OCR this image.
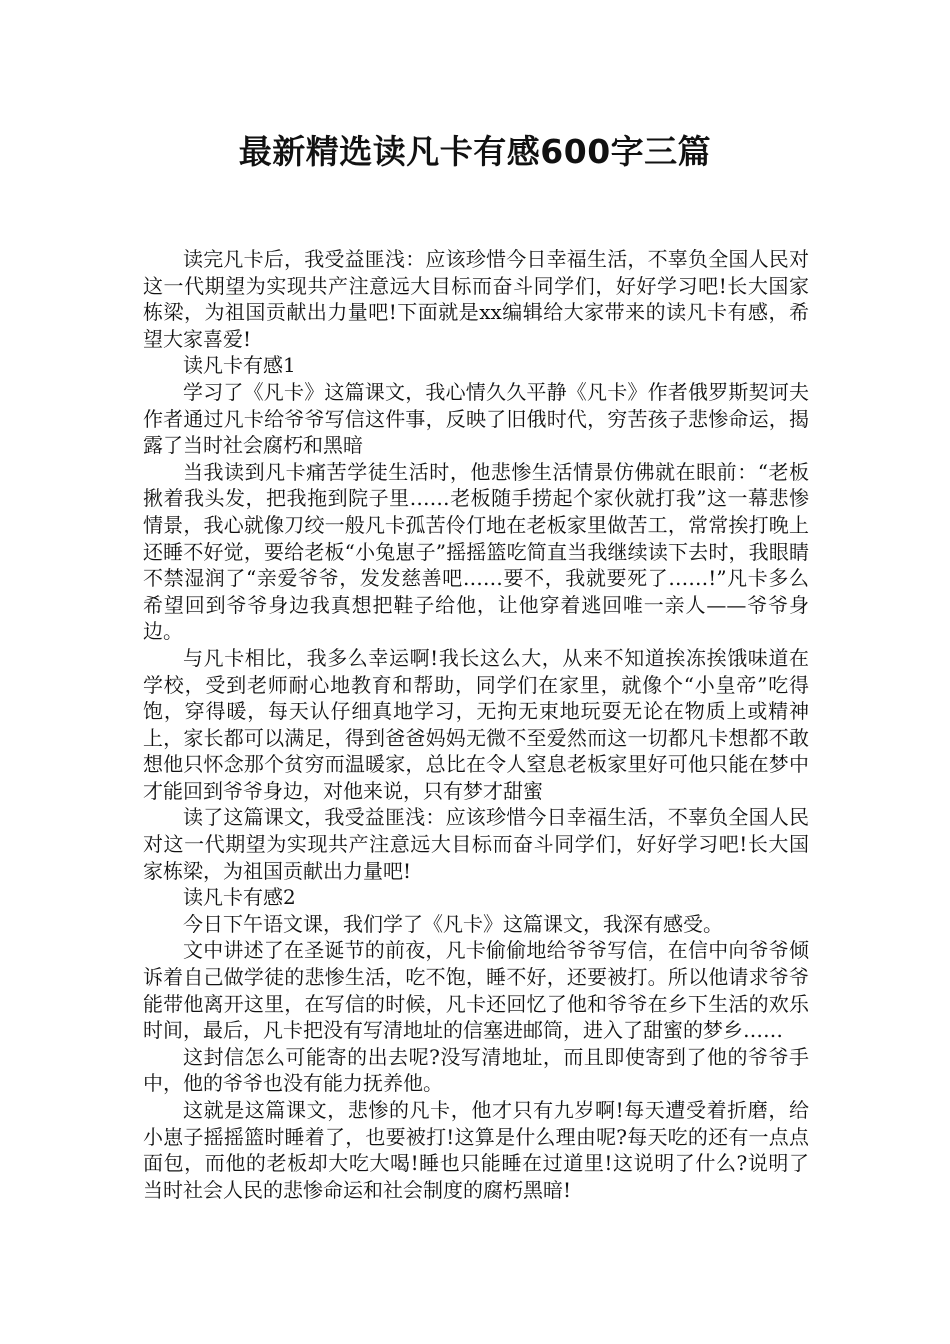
最新精选读凡卡有感600字三篇

读完凡卡后，我受益匪浅：应该珍惜今日幸福生活，不辜负全国人民对这一代期望为实现共产注意远大目标而奋斗同学们，好好学习吧!长大国家栋梁，为祖国贡献出力量吧!下面就是xx编辑给大家带来的读凡卡有感，希望大家喜爱!

读凡卡有感1

学习了《凡卡》这篇课文，我心情久久平静《凡卡》作者俄罗斯契诃夫作者通过凡卡给爷爷写信这件事，反映了旧俄时代，穷苦孩子悲惨命运，揭露了当时社会腐朽和黑暗

当我读到凡卡痛苦学徒生活时，他悲惨生活情景仿佛就在眼前：“老板揪着我头发，把我拖到院子里……老板随手捞起个家伙就打我”这一幕悲惨情景，我心就像刀绞一般凡卡孤苦伶仃地在老板家里做苦工，常常挨打晚上还睡不好觉，要给老板“小兔崽子”摇摇篮吃简直当我继续读下去时，我眼睛不禁湿润了“亲爱爷爷，发发慈善吧……要不，我就要死了……!”凡卡多么希望回到爷爷身边我真想把鞋子给他，让他穿着逃回唯一亲人——爷爷身边。

与凡卡相比，我多么幸运啊!我长这么大，从来不知道挨冻挨饿味道在学校，受到老师耐心地教育和帮助，同学们在家里，就像个“小皇帝”吃得饱，穿得暖，每天认仔细真地学习，无拘无束地玩耍无论在物质上或精神上，家长都可以满足，得到爸爸妈妈无微不至爱然而这一切都凡卡想都不敢想他只怀念那个贫穷而温暖家，总比在令人窒息老板家里好可他只能在梦中才能回到爷爷身边，对他来说，只有梦才甜蜜

读了这篇课文，我受益匪浅：应该珍惜今日幸福生活，不辜负全国人民对这一代期望为实现共产注意远大目标而奋斗同学们，好好学习吧!长大国家栋梁，为祖国贡献出力量吧!

读凡卡有感2

今日下午语文课，我们学了《凡卡》这篇课文，我深有感受。

文中讲述了在圣诞节的前夜，凡卡偷偷地给爷爷写信，在信中向爷爷倾诉着自己做学徒的悲惨生活，吃不饱，睡不好，还要被打。所以他请求爷爷能带他离开这里，在写信的时候，凡卡还回忆了他和爷爷在乡下生活的欢乐时间，最后，凡卡把没有写清地址的信塞进邮筒，进入了甜蜜的梦乡……

这封信怎么可能寄的出去呢?没写清地址，而且即使寄到了他的爷爷手中，他的爷爷也没有能力抚养他。

这就是这篇课文，悲惨的凡卡，他才只有九岁啊!每天遭受着折磨，给小崽子摇摇篮时睡着了，也要被打!这算是什么理由呢?每天吃的还有一点点面包，而他的老板却大吃大喝!睡也只能睡在过道里!这说明了什么?说明了当时社会人民的悲惨命运和社会制度的腐朽黑暗!
